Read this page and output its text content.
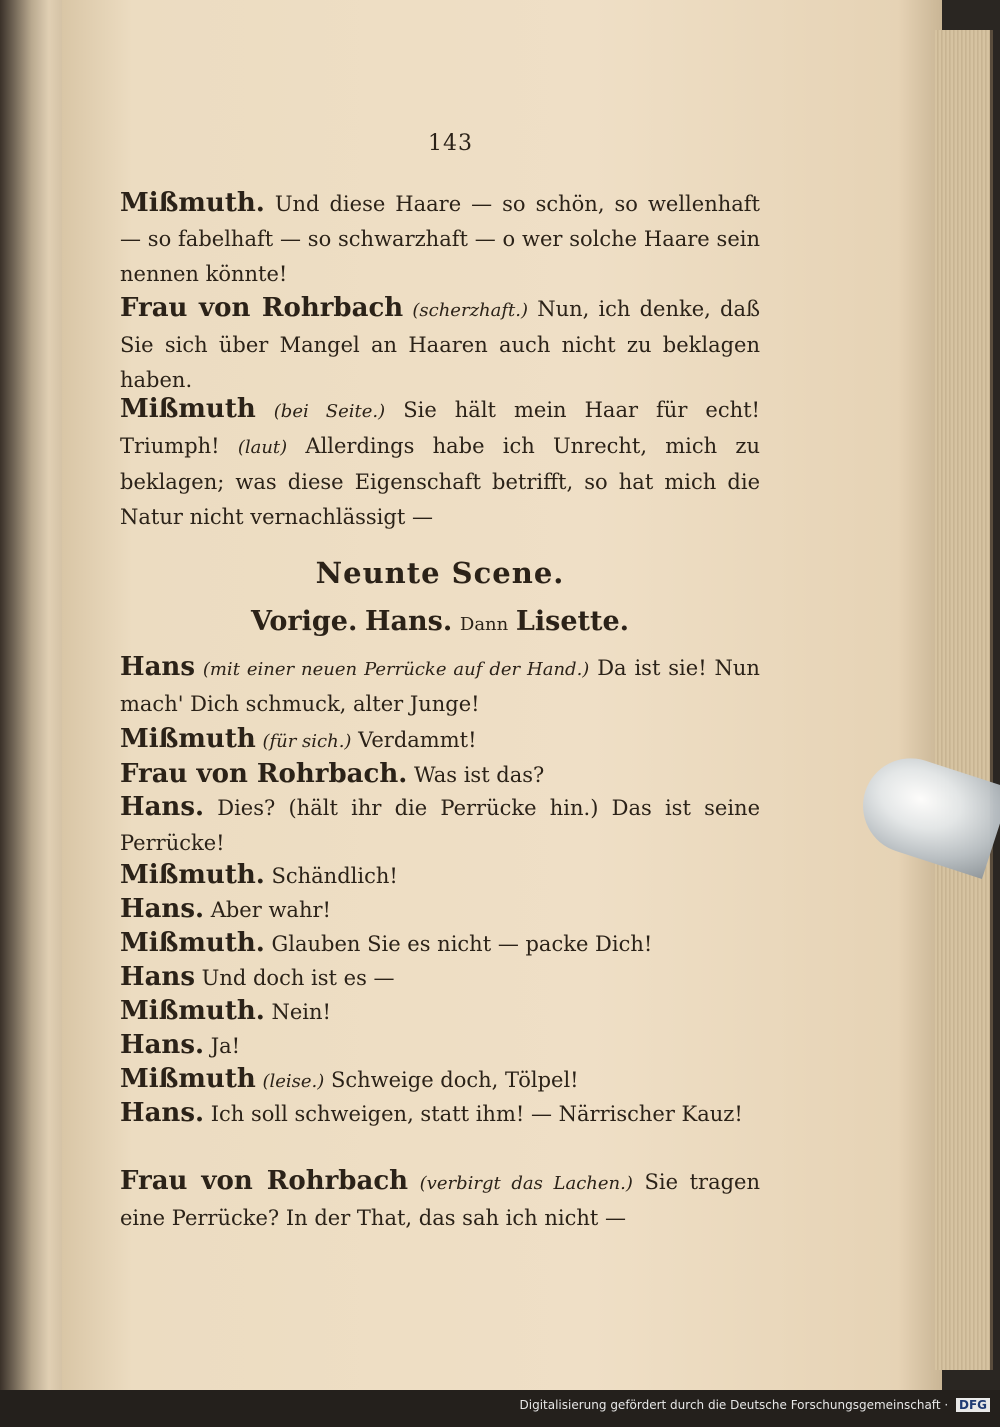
143
Mißmuth. Und diese Haare — so schön, so wellenhaft — so fabelhaft — so schwarzhaft — o wer solche Haare sein nennen könnte!
Frau von Rohrbach (scherzhaft.) Nun, ich denke, daß Sie sich über Mangel an Haaren auch nicht zu beklagen haben.
Mißmuth (bei Seite.) Sie hält mein Haar für echt! Triumph! (laut) Allerdings habe ich Unrecht, mich zu beklagen; was diese Eigenschaft betrifft, so hat mich die Natur nicht vernachlässigt —
Neunte Scene.
Vorige. Hans. Dann Lisette.
Hans (mit einer neuen Perrücke auf der Hand.) Da ist sie! Nun mach' Dich schmuck, alter Junge!
Mißmuth (für sich.) Verdammt!
Frau von Rohrbach. Was ist das?
Hans. Dies? (hält ihr die Perrücke hin.) Das ist seine Perrücke!
Mißmuth. Schändlich!
Hans. Aber wahr!
Mißmuth. Glauben Sie es nicht — packe Dich!
Hans Und doch ist es —
Mißmuth. Nein!
Hans. Ja!
Mißmuth (leise.) Schweige doch, Tölpel!
Hans. Ich soll schweigen, statt ihm! — Närrischer Kauz!
Frau von Rohrbach (verbirgt das Lachen.) Sie tragen eine Perrücke? In der That, das sah ich nicht —
Digitalisierung gefördert durch die Deutsche Forschungsgemeinschaft · DFG
